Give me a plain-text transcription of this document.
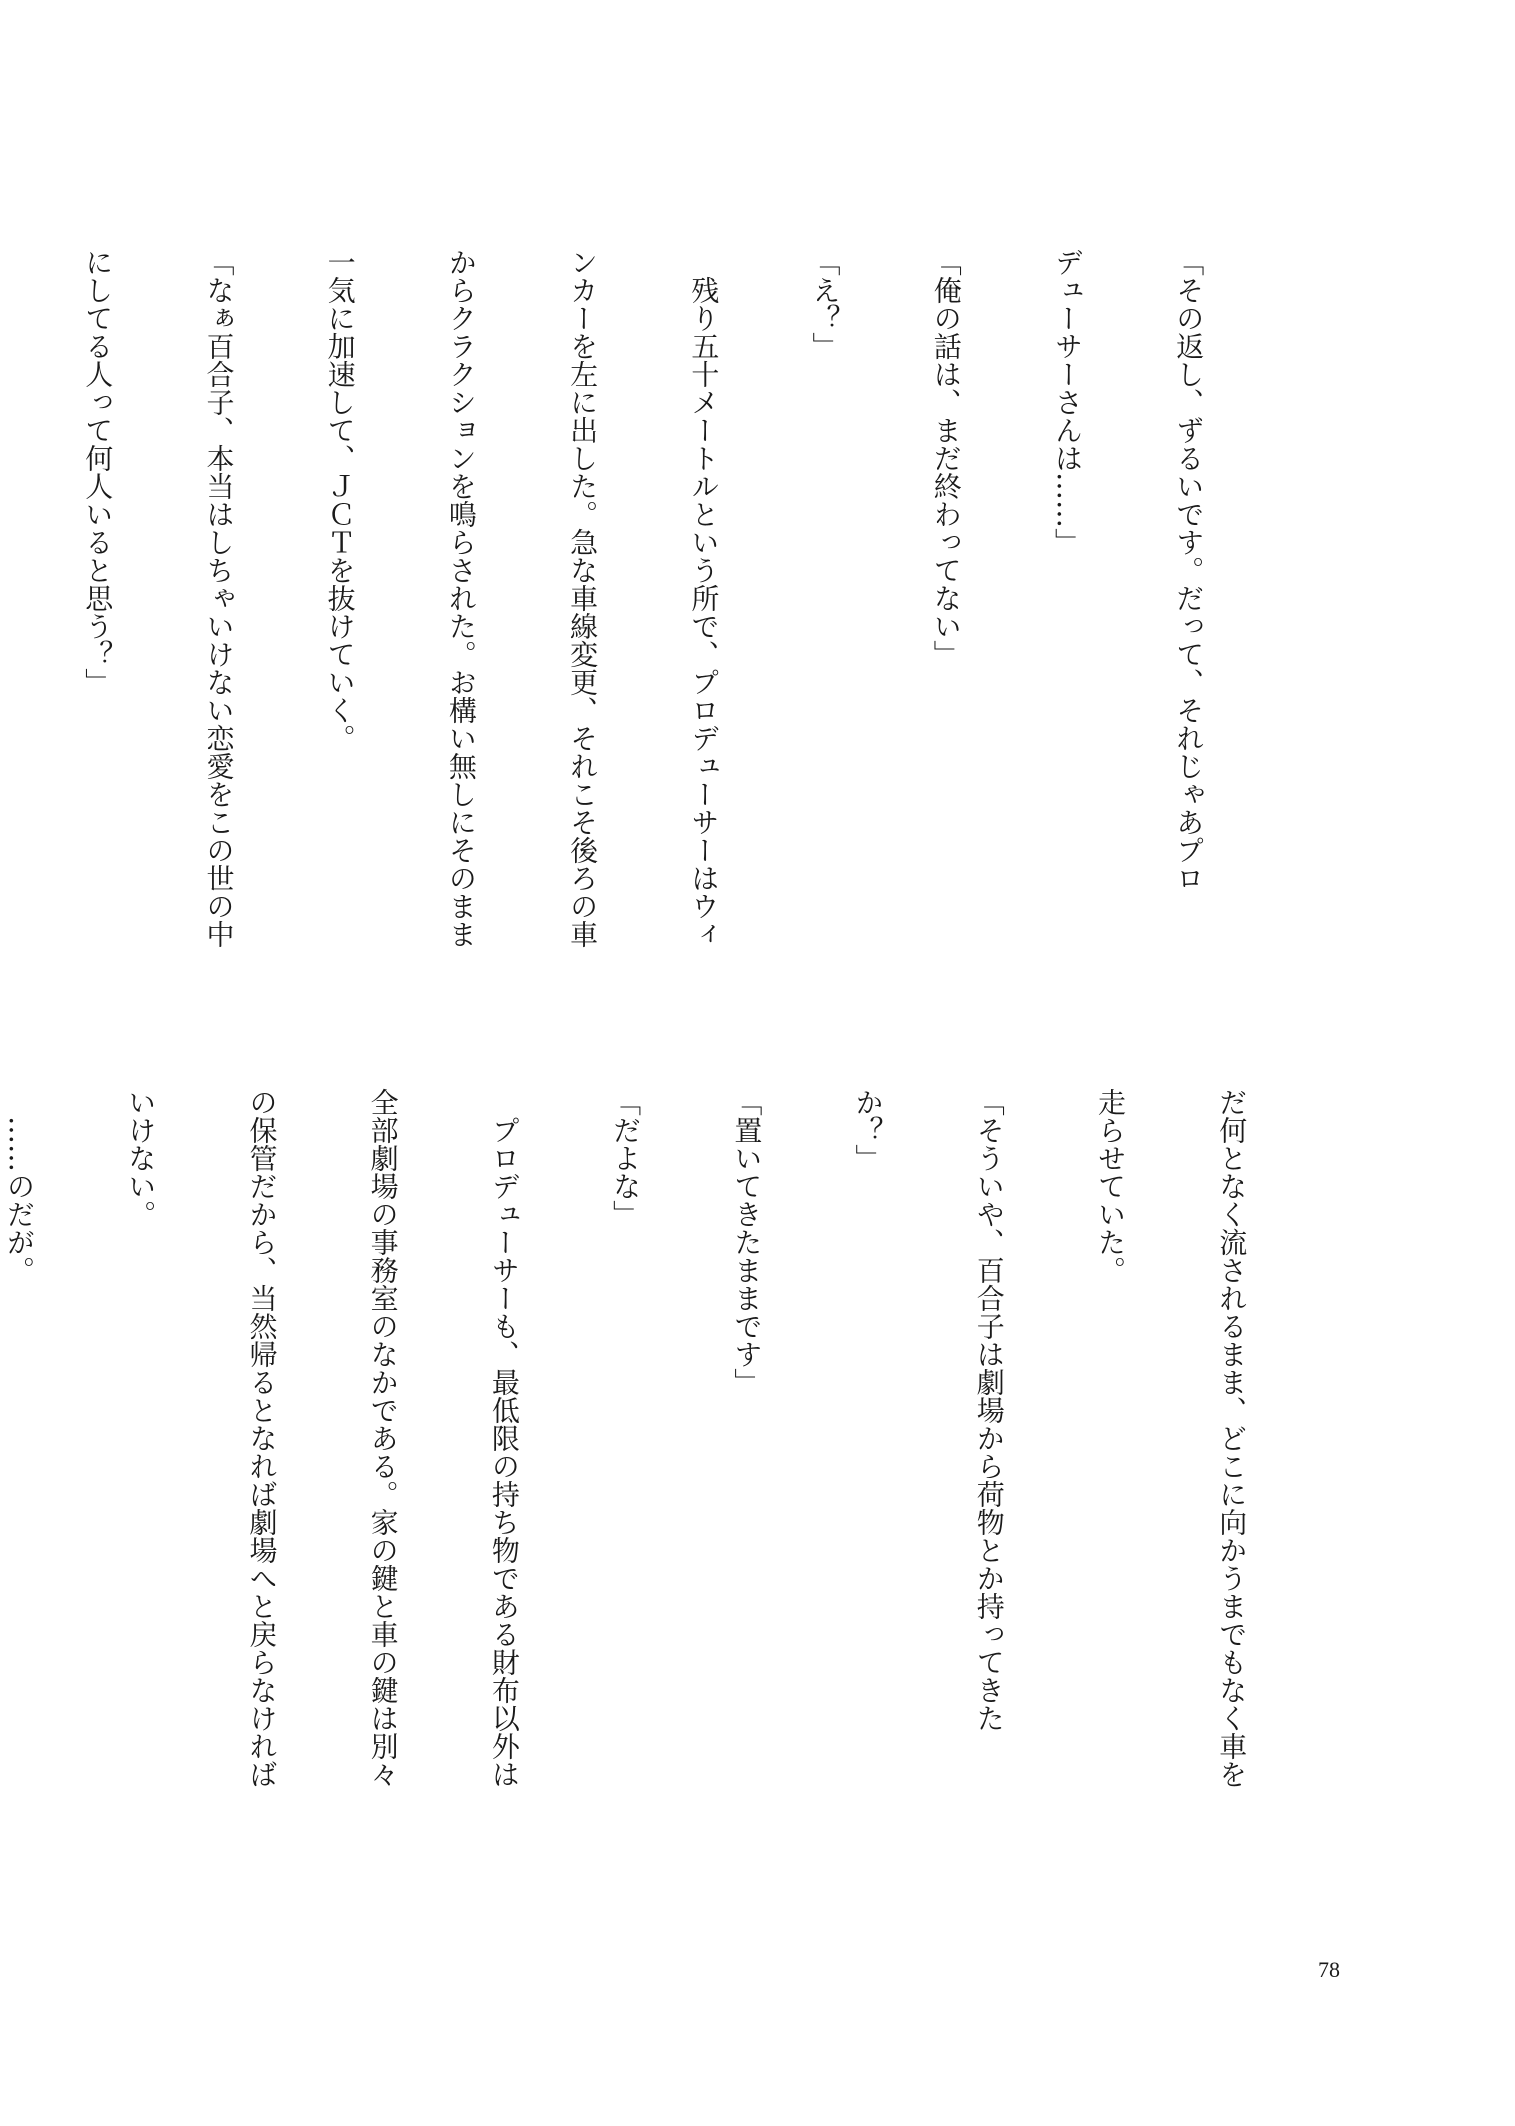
「その返し、ずるいです。だって、それじゃあプロ

デューサーさんは……」

「俺の話は、まだ終わってない」

「え？」

　残り五十メートルという所で、プロデューサーはウィ

ンカーを左に出した。急な車線変更、それこそ後ろの車

からクラクションを鳴らされた。お構い無しにそのまま

一気に加速して、ＪＣＴを抜けていく。

「なぁ百合子、本当はしちゃいけない恋愛をこの世の中

にしてる人って何人いると思う？」

だ何となく流されるまま、どこに向かうまでもなく車を

走らせていた。

「そういや、百合子は劇場から荷物とか持ってきた

か？」

「置いてきたままです」

「だよな」

　プロデューサーも、最低限の持ち物である財布以外は

全部劇場の事務室のなかである。家の鍵と車の鍵は別々

の保管だから、当然帰るとなれば劇場へと戻らなければ

いけない。

　……のだが。

78
